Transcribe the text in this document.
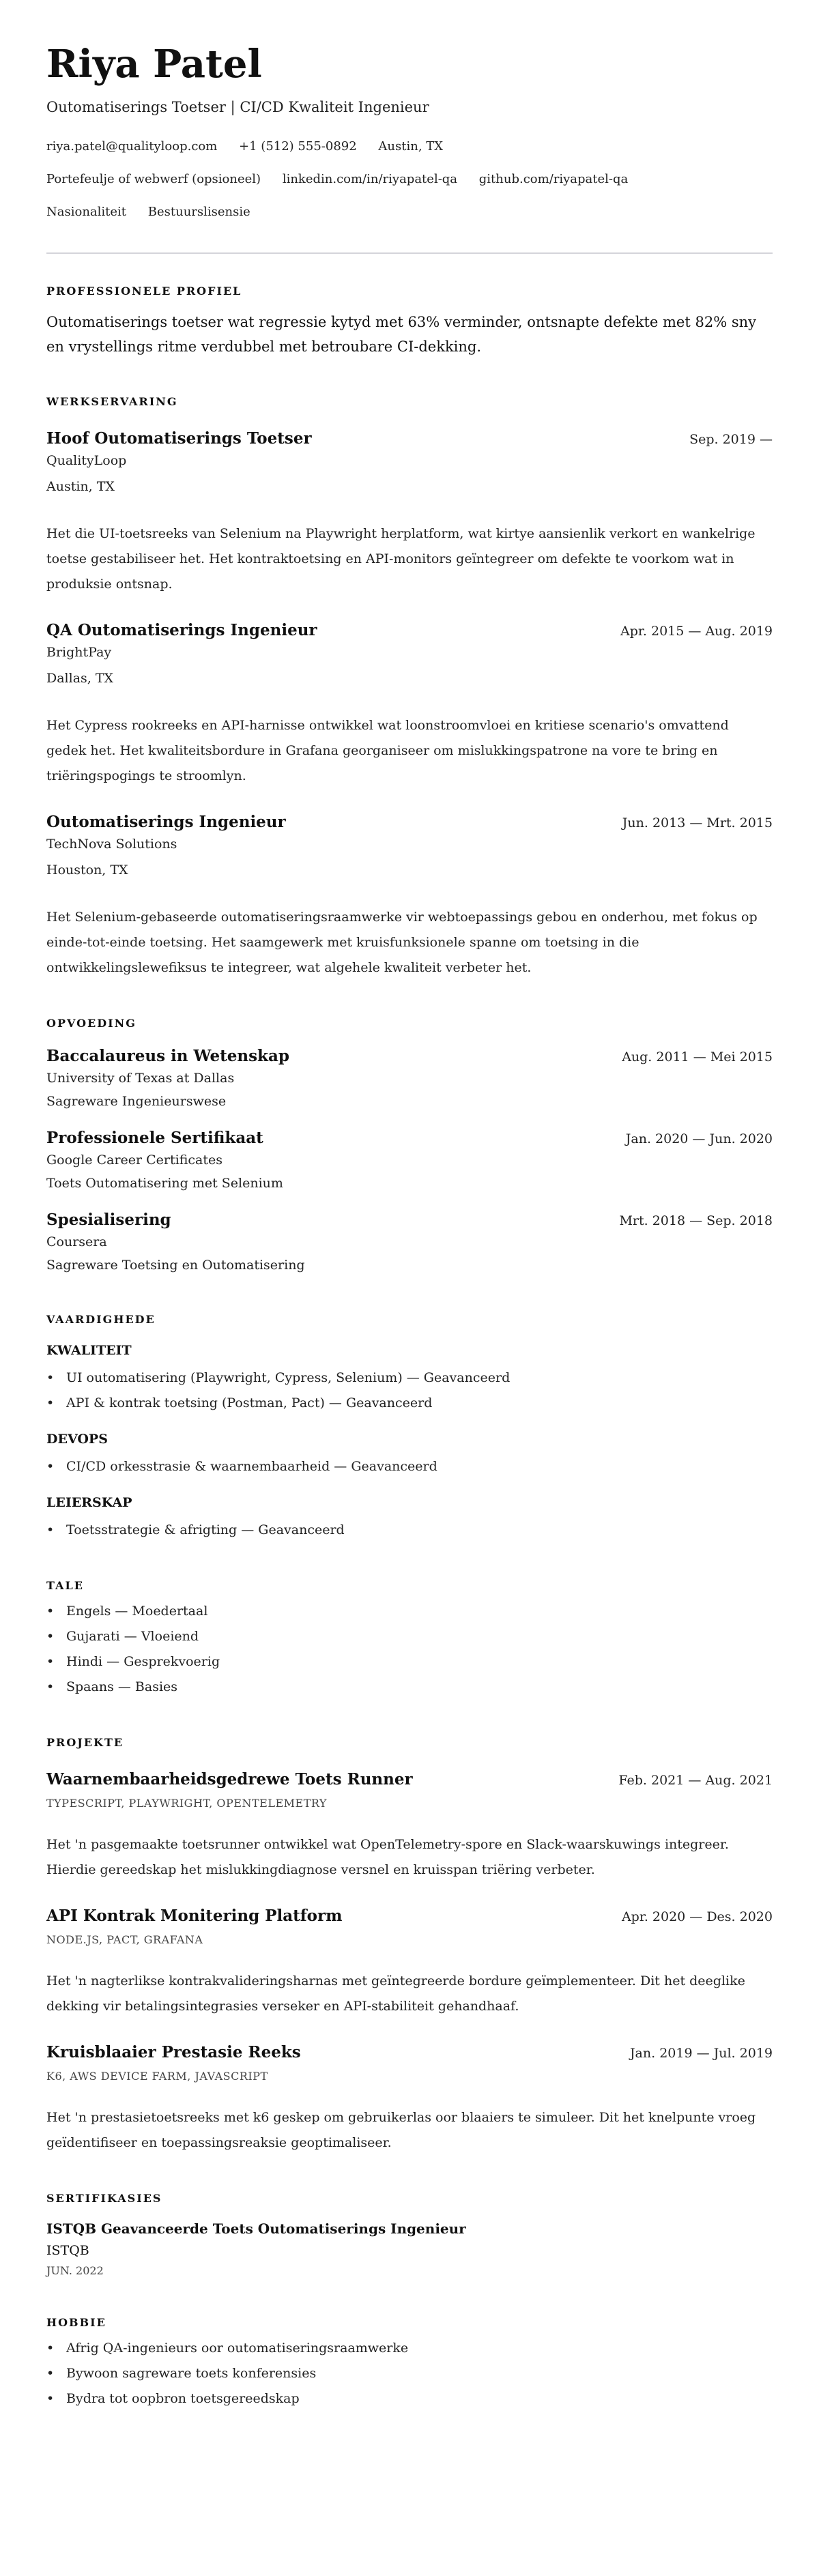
Riya Patel
Outomatiserings Toetser | CI/CD Kwaliteit Ingenieur
riya.patel@qualityloop.com +1 (512) 555-0892 Austin, TX
Portefeulje of webwerf (opsioneel) linkedin.com/in/riyapatel-qa github.com/riyapatel-qa
Nasionaliteit Bestuurslisensie
PROFESSIONELE PROFIEL

Outomatiserings toetser wat regressie kytyd met 63% verminder, ontsnapte defekte met 82% sny en vrystellings ritme verdubbel met betroubare CI-dekking.

WERKSERVARING
Hoof Outomatiserings Toetser	Sep. 2019 —
QualityLoop
Austin, TX

Het die UI-toetsreeks van Selenium na Playwright herplatform, wat kirtye aansienlik verkort en wankelrige toetse gestabiliseer het. Het kontraktoetsing en API-monitors geïntegreer om defekte te voorkom wat in produksie ontsnap.

QA Outomatiserings Ingenieur	Apr. 2015 — Aug. 2019
BrightPay
Dallas, TX

Het Cypress rookreeks en API-harnisse ontwikkel wat loonstroomvloei en kritiese scenario's omvattend gedek het. Het kwaliteitsbordure in Grafana georganiseer om mislukkingspatrone na vore te bring en triëringspogings te stroomlyn.

Outomatiserings Ingenieur	Jun. 2013 — Mrt. 2015
TechNova Solutions
Houston, TX

Het Selenium-gebaseerde outomatiseringsraamwerke vir webtoepassings gebou en onderhou, met fokus op einde-tot-einde toetsing. Het saamgewerk met kruisfunksionele spanne om toetsing in die ontwikkelingslewefiksus te integreer, wat algehele kwaliteit verbeter het.

OPVOEDING
Baccalaureus in Wetenskap	Aug. 2011 — Mei 2015
University of Texas at Dallas
Sagreware Ingenieurswese
Professionele Sertifikaat	Jan. 2020 — Jun. 2020
Google Career Certificates
Toets Outomatisering met Selenium
Spesialisering	Mrt. 2018 — Sep. 2018
Coursera
Sagreware Toetsing en Outomatisering
VAARDIGHEDE
KWALITEIT
• UI outomatisering (Playwright, Cypress, Selenium) — Geavanceerd
• API & kontrak toetsing (Postman, Pact) — Geavanceerd
DEVOPS
• CI/CD orkesstrasie & waarnembaarheid — Geavanceerd
LEIERSKAP
• Toetsstrategie & afrigting — Geavanceerd
TALE
• Engels — Moedertaal
• Gujarati — Vloeiend
• Hindi — Gesprekvoerig
• Spaans — Basies
PROJEKTE
Waarnembaarheidsgedrewe Toets Runner	Feb. 2021 — Aug. 2021
TYPESCRIPT, PLAYWRIGHT, OPENTELEMETRY

Het 'n pasgemaakte toetsrunner ontwikkel wat OpenTelemetry-spore en Slack-waarskuwings integreer. Hierdie gereedskap het mislukkingdiagnose versnel en kruisspan triëring verbeter.

API Kontrak Monitering Platform	Apr. 2020 — Des. 2020
NODE.JS, PACT, GRAFANA

Het 'n nagterlikse kontrakvalideringsharnas met geïntegreerde bordure geïmplementeer. Dit het deeglike dekking vir betalingsintegrasies verseker en API-stabiliteit gehandhaaf.

Kruisblaaier Prestasie Reeks	Jan. 2019 — Jul. 2019
K6, AWS DEVICE FARM, JAVASCRIPT

Het 'n prestasietoetsreeks met k6 geskep om gebruikerlas oor blaaiers te simuleer. Dit het knelpunte vroeg geïdentifiseer en toepassingsreaksie geoptimaliseer.

SERTIFIKASIES
ISTQB Geavanceerde Toets Outomatiserings Ingenieur
ISTQB
JUN. 2022
HOBBIE
• Afrig QA-ingenieurs oor outomatiseringsraamwerke
• Bywoon sagreware toets konferensies
• Bydra tot oopbron toetsgereedskap
